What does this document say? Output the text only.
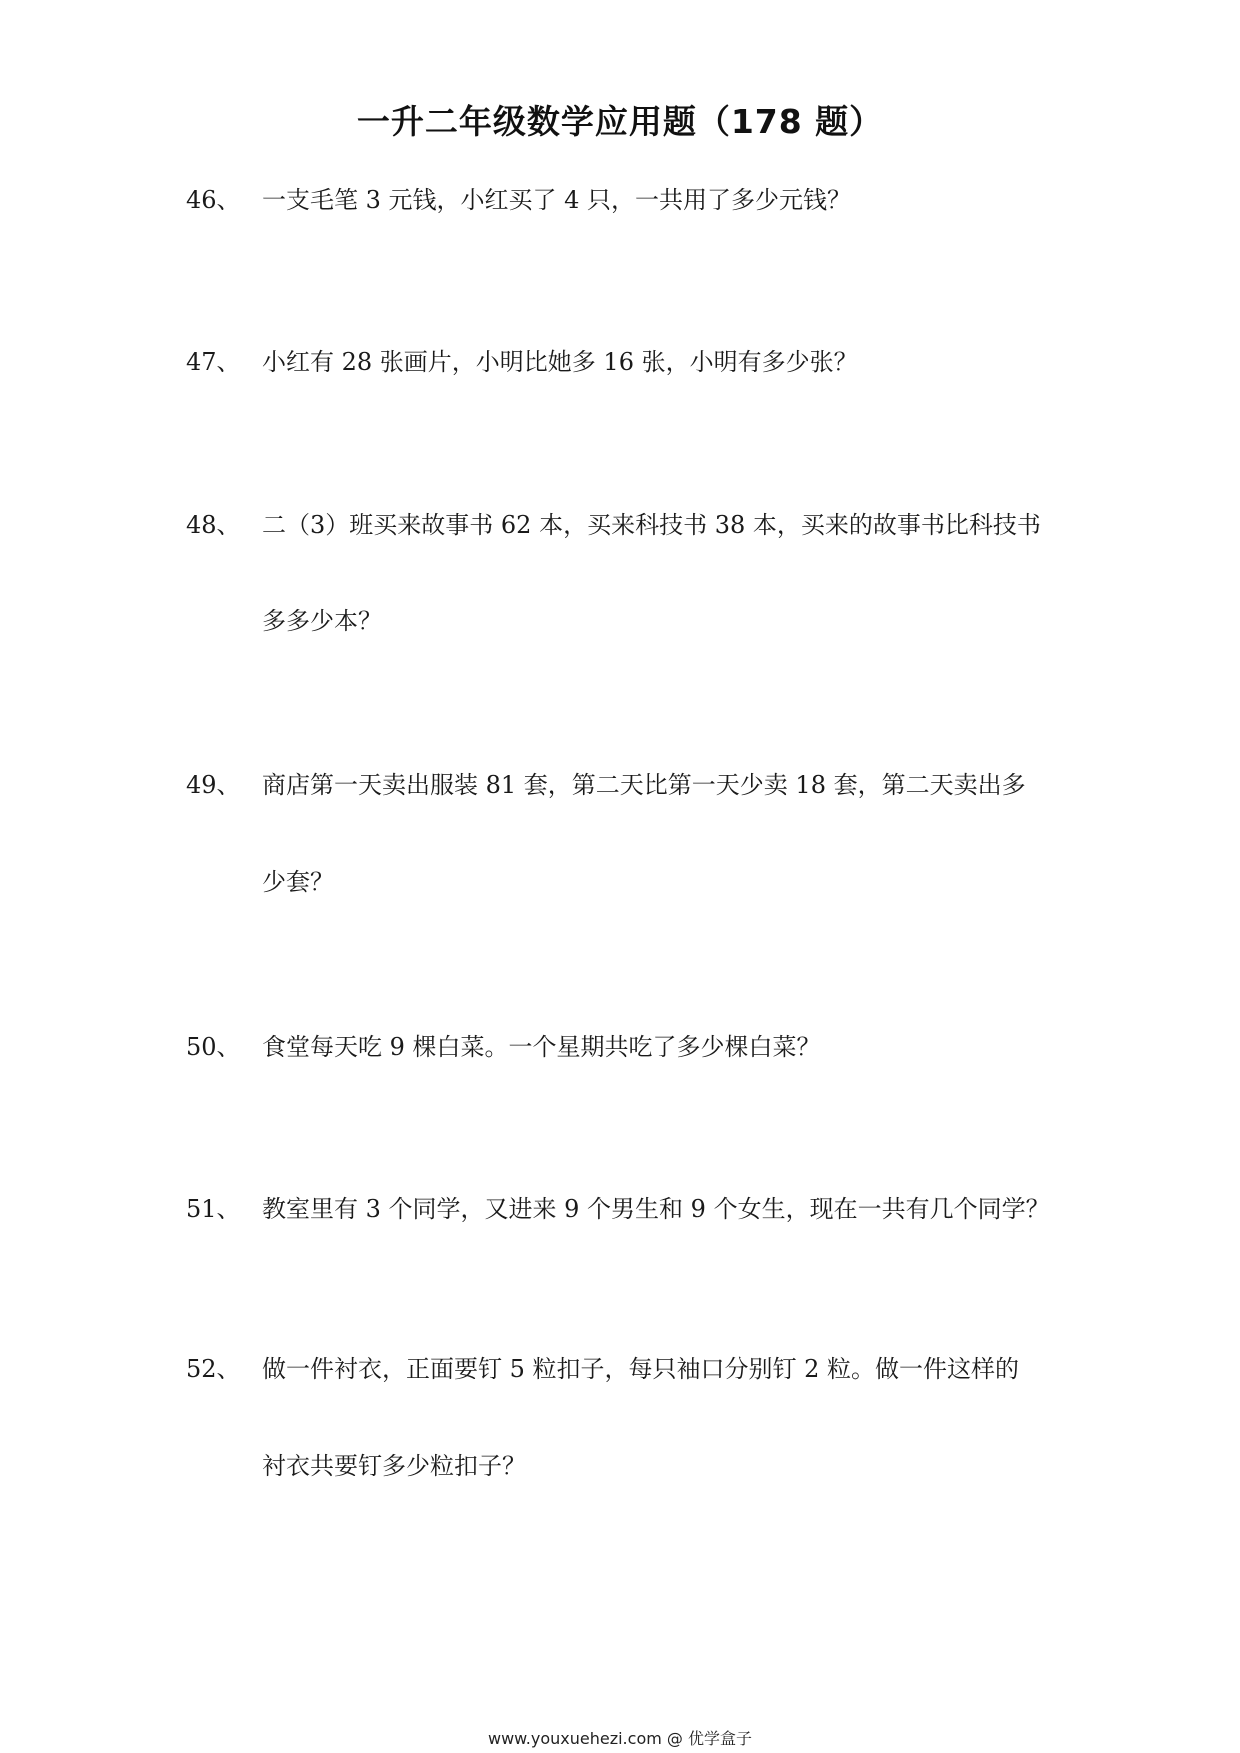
一升二年级数学应用题（178 题）
46、 一支毛笔 3 元钱，小红买了 4 只，一共用了多少元钱？
47、 小红有 28 张画片，小明比她多 16 张，小明有多少张？
48、 二（3）班买来故事书 62 本，买来科技书 38 本，买来的故事书比科技书
多多少本？
49、 商店第一天卖出服装 81 套，第二天比第一天少卖 18 套，第二天卖出多
少套？
50、 食堂每天吃 9 棵白菜。一个星期共吃了多少棵白菜？
51、 教室里有 3 个同学，又进来 9 个男生和 9 个女生，现在一共有几个同学？
52、 做一件衬衣，正面要钉 5 粒扣子，每只袖口分别钉 2 粒。做一件这样的
衬衣共要钉多少粒扣子？
www.youxuehezi.com @ 优学盒子
